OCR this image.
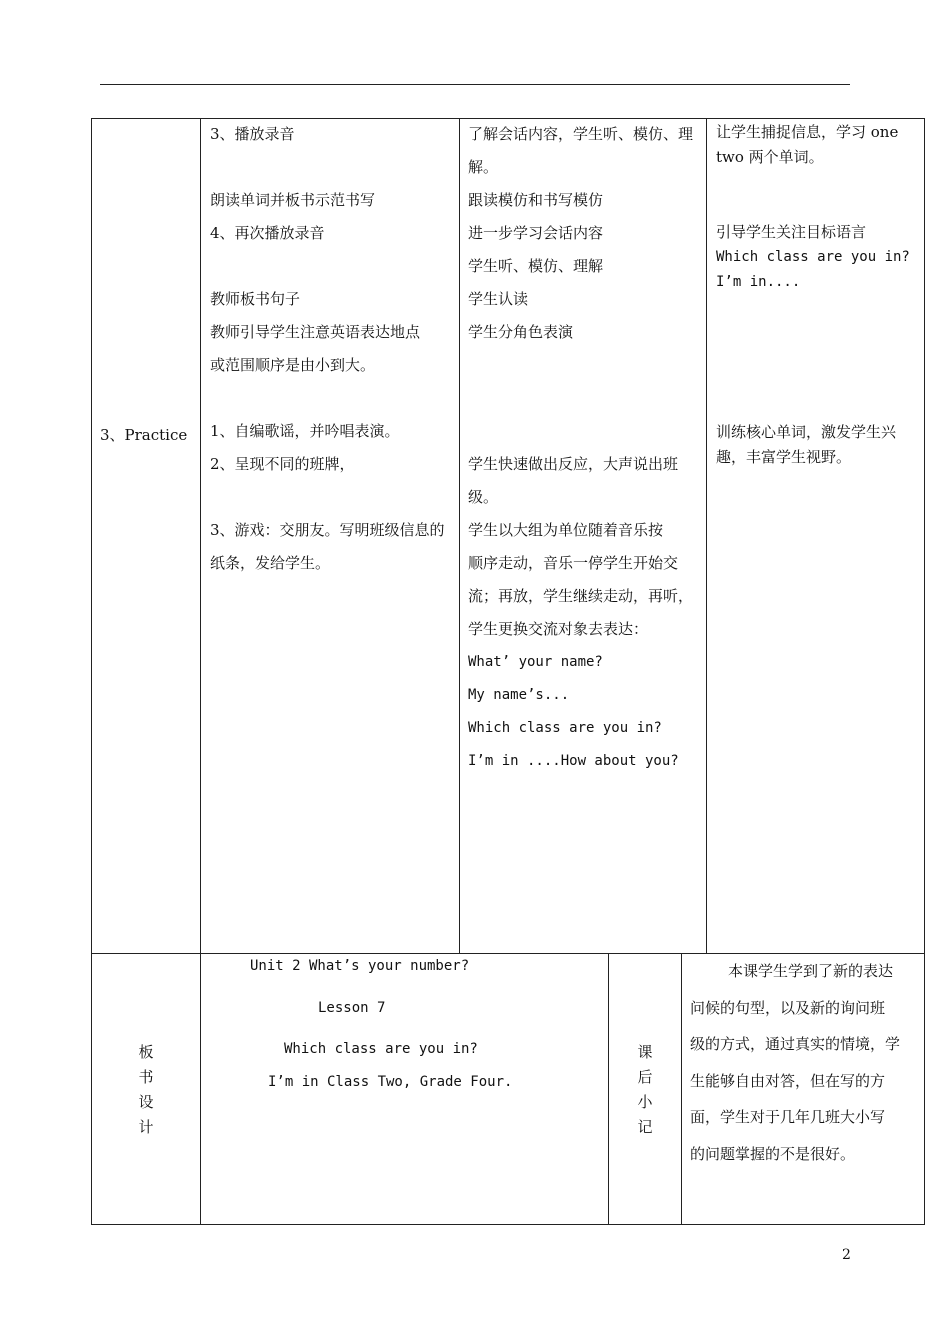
3、Practice

3、播放录音

朗读单词并板书示范书写

4、再次播放录音

教师板书句子

教师引导学生注意英语表达地点

或范围顺序是由小到大。

1、自编歌谣，并吟唱表演。

2、呈现不同的班牌，

3、游戏：交朋友。写明班级信息的

纸条，发给学生。

了解会话内容，学生听、模仿、理

解。

跟读模仿和书写模仿

进一步学习会话内容

学生听、模仿、理解

学生认读

学生分角色表演

学生快速做出反应，大声说出班

级。

学生以大组为单位随着音乐按

顺序走动，音乐一停学生开始交

流；再放，学生继续走动，再听，

学生更换交流对象去表达：

What’ your name?

My name’s...

Which class are you in?

I’m in ....How about you?

让学生捕捉信息，学习 one

two 两个单词。

引导学生关注目标语言

Which class are you in?

I’m in....

训练核心单词，激发学生兴

趣，丰富学生视野。

板
书
设
计
Unit 2 What’s your number?
Lesson 7
Which class are you in?
I’m in Class Two, Grade Four.
课
后
小
记

本课学生学到了新的表达

问候的句型，以及新的询问班

级的方式，通过真实的情境，学

生能够自由对答，但在写的方

面，学生对于几年几班大小写

的问题掌握的不是很好。

2
